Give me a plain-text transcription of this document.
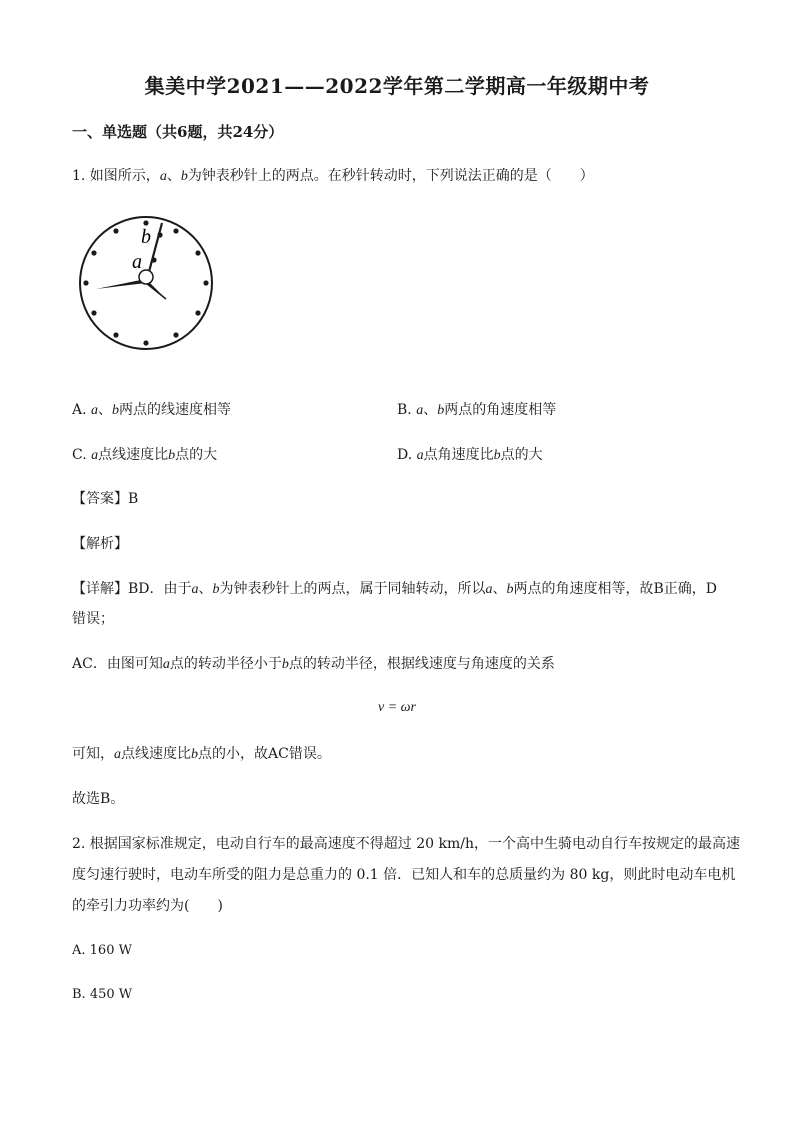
集美中学2021——2022学年第二学期高一年级期中考
一、单选题（共6题，共24分）
1. 如图所示，a、b为钟表秒针上的两点。在秒针转动时，下列说法正确的是（　　）
a
b
A. a、b两点的线速度相等	B. a、b两点的角速度相等
C. a点线速度比b点的大	D. a点角速度比b点的大
【答案】B
【解析】
【详解】BD．由于a、b为钟表秒针上的两点，属于同轴转动，所以a、b两点的角速度相等，故B正确，D
错误；
AC．由图可知a点的转动半径小于b点的转动半径，根据线速度与角速度的关系
v = ωr
可知，a点线速度比b点的小，故AC错误。
故选B。
2. 根据国家标准规定，电动自行车的最高速度不得超过 20 km/h，一个高中生骑电动自行车按规定的最高速
度匀速行驶时，电动车所受的阻力是总重力的 0.1 倍．已知人和车的总质量约为 80 kg，则此时电动车电机
的牵引力功率约为(　　)
A. 160 W
B. 450 W
